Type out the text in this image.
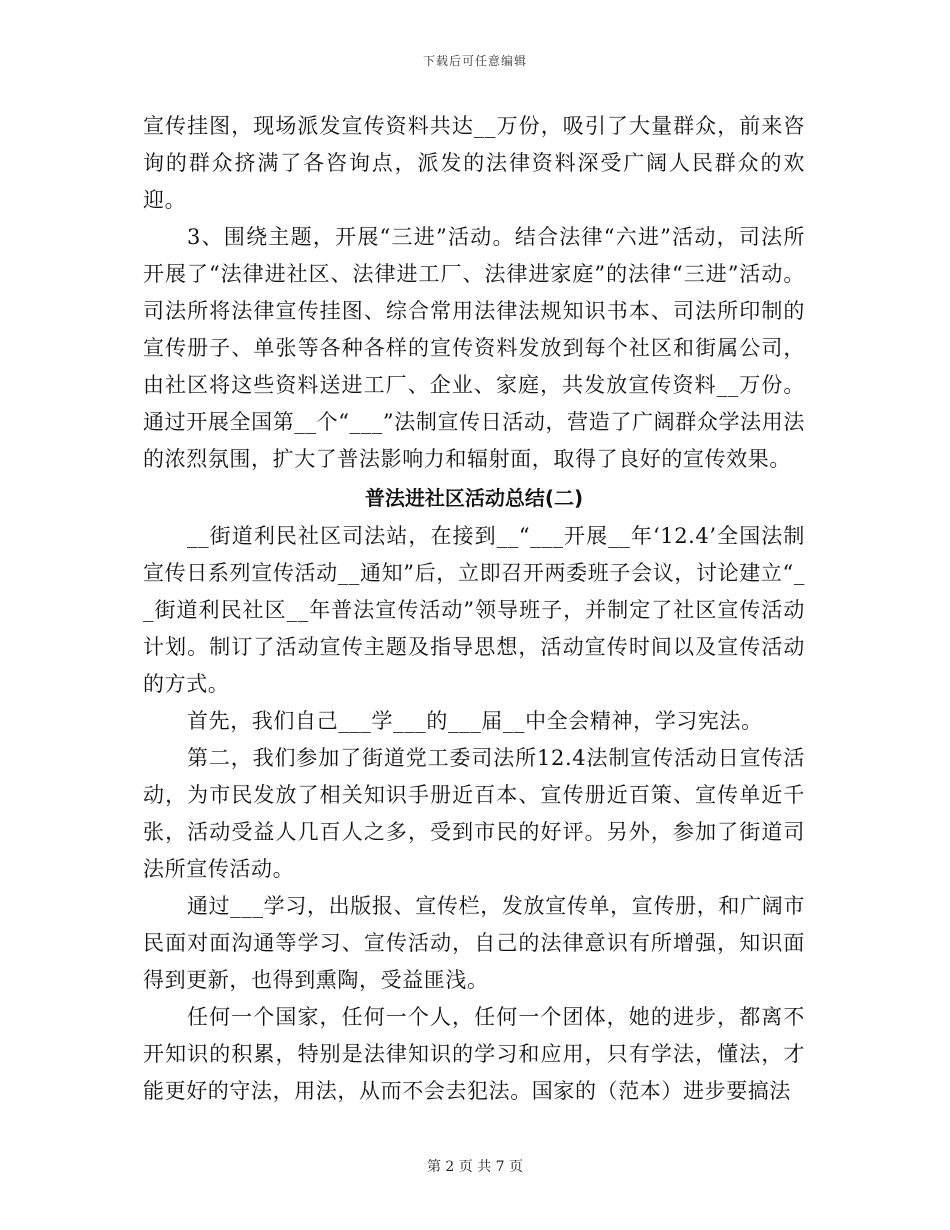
下载后可任意编辑

宣传挂图，现场派发宣传资料共达__万份，吸引了大量群众，前来咨询的群众挤满了各咨询点，派发的法律资料深受广阔人民群众的欢迎。

3、围绕主题，开展“三进”活动。结合法律“六进”活动，司法所开展了“法律进社区、法律进工厂、法律进家庭”的法律“三进”活动。司法所将法律宣传挂图、综合常用法律法规知识书本、司法所印制的宣传册子、单张等各种各样的宣传资料发放到每个社区和街属公司，由社区将这些资料送进工厂、企业、家庭，共发放宣传资料__万份。通过开展全国第__个“___”法制宣传日活动，营造了广阔群众学法用法的浓烈氛围，扩大了普法影响力和辐射面，取得了良好的宣传效果。

普法进社区活动总结(二)

__街道利民社区司法站，在接到__“___开展__年‘12.4’全国法制宣传日系列宣传活动__通知”后，立即召开两委班子会议，讨论建立“__街道利民社区__年普法宣传活动”领导班子，并制定了社区宣传活动计划。制订了活动宣传主题及指导思想，活动宣传时间以及宣传活动的方式。

首先，我们自己___学___的___届__中全会精神，学习宪法。

第二，我们参加了街道党工委司法所12.4法制宣传活动日宣传活动，为市民发放了相关知识手册近百本、宣传册近百策、宣传单近千张，活动受益人几百人之多，受到市民的好评。另外，参加了街道司法所宣传活动。

通过___学习，出版报、宣传栏，发放宣传单，宣传册，和广阔市民面对面沟通等学习、宣传活动，自己的法律意识有所增强，知识面得到更新，也得到熏陶，受益匪浅。

任何一个国家，任何一个人，任何一个团体，她的进步，都离不开知识的积累，特别是法律知识的学习和应用，只有学法，懂法，才能更好的守法，用法，从而不会去犯法。国家的（范本）进步要搞法

第 2 页 共 7 页
